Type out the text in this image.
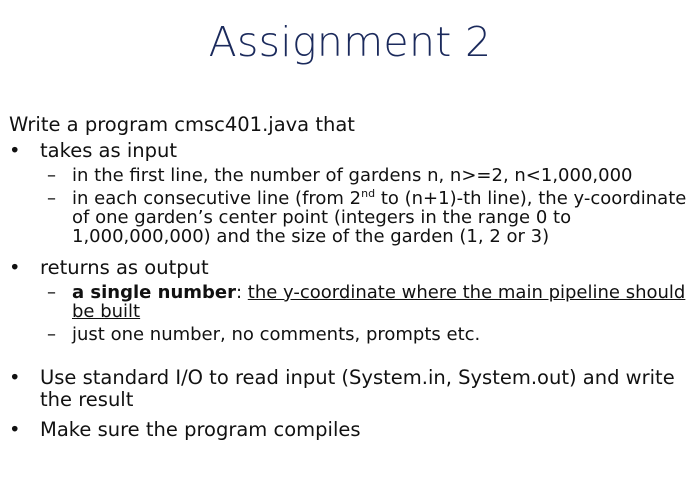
Assignment 2

Write a program cmsc401.java that

• takes as input
– in the first line, the number of gardens n, n>=2, n<1,000,000
– in each consecutive line (from 2nd to (n+1)-th line), the y-coordinate of one garden’s center point (integers in the range 0 to 1,000,000,000) and the size of the garden (1, 2 or 3)
• returns as output
– a single number: the y-coordinate where the main pipeline should be built
– just one number, no comments, prompts etc.
• Use standard I/O to read input (System.in, System.out) and write the result
• Make sure the program compiles
